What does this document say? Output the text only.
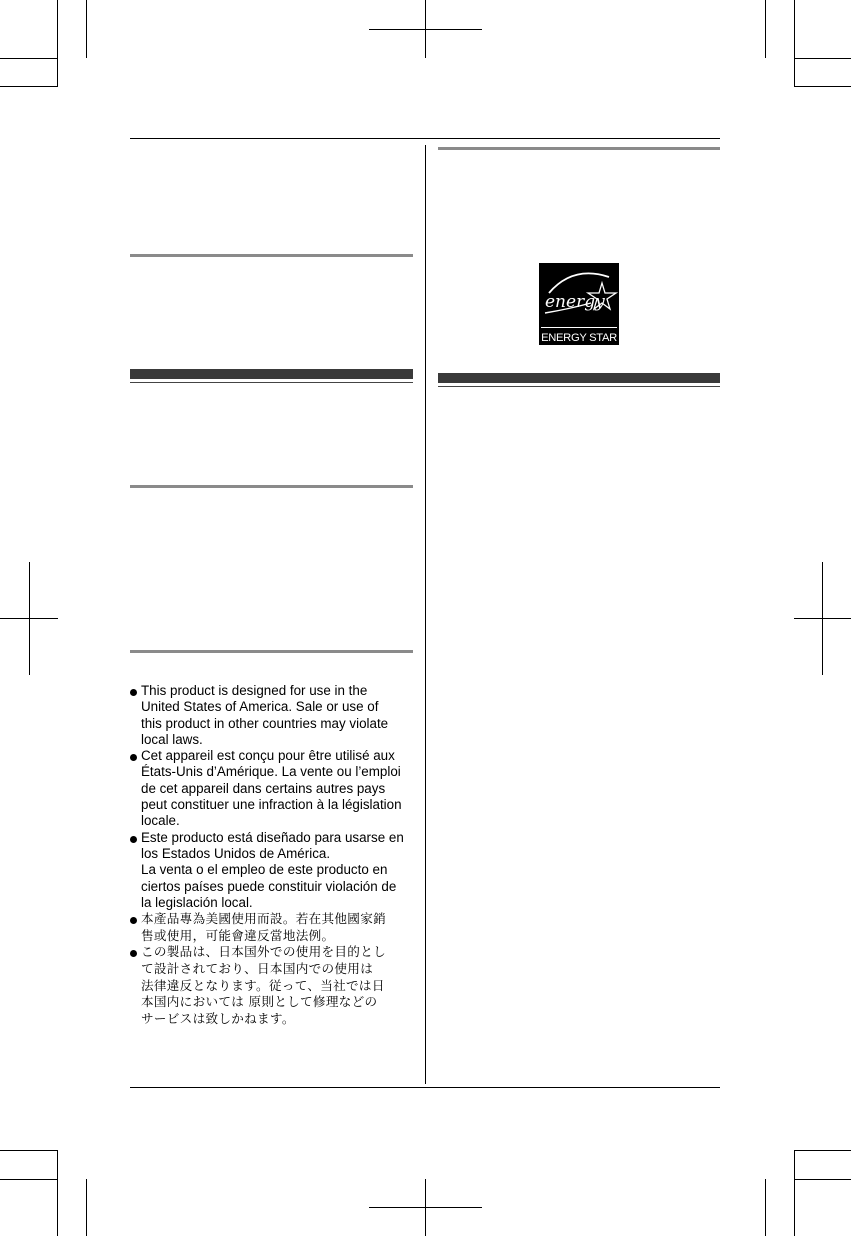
energy
ENERGY STAR

This product is designed for use in the

United States of America. Sale or use of

this product in other countries may violate

local laws.

Cet appareil est conçu pour être utilisé aux

États-Unis d’Amérique. La vente ou l’emploi

de cet appareil dans certains autres pays

peut constituer une infraction à la législation

locale.

Este producto está diseñado para usarse en

los Estados Unidos de América.

La venta o el empleo de este producto en

ciertos países puede constituir violación de

la legislación local.

本產品專為美國使用而設。若在其他國家銷

售或使用，可能會違反當地法例。

この製品は、日本国外での使用を目的とし

て設計されており、日本国内での使用は

法律違反となります。従って、当社では日

本国内においては 原則として修理などの

サービスは致しかねます。
